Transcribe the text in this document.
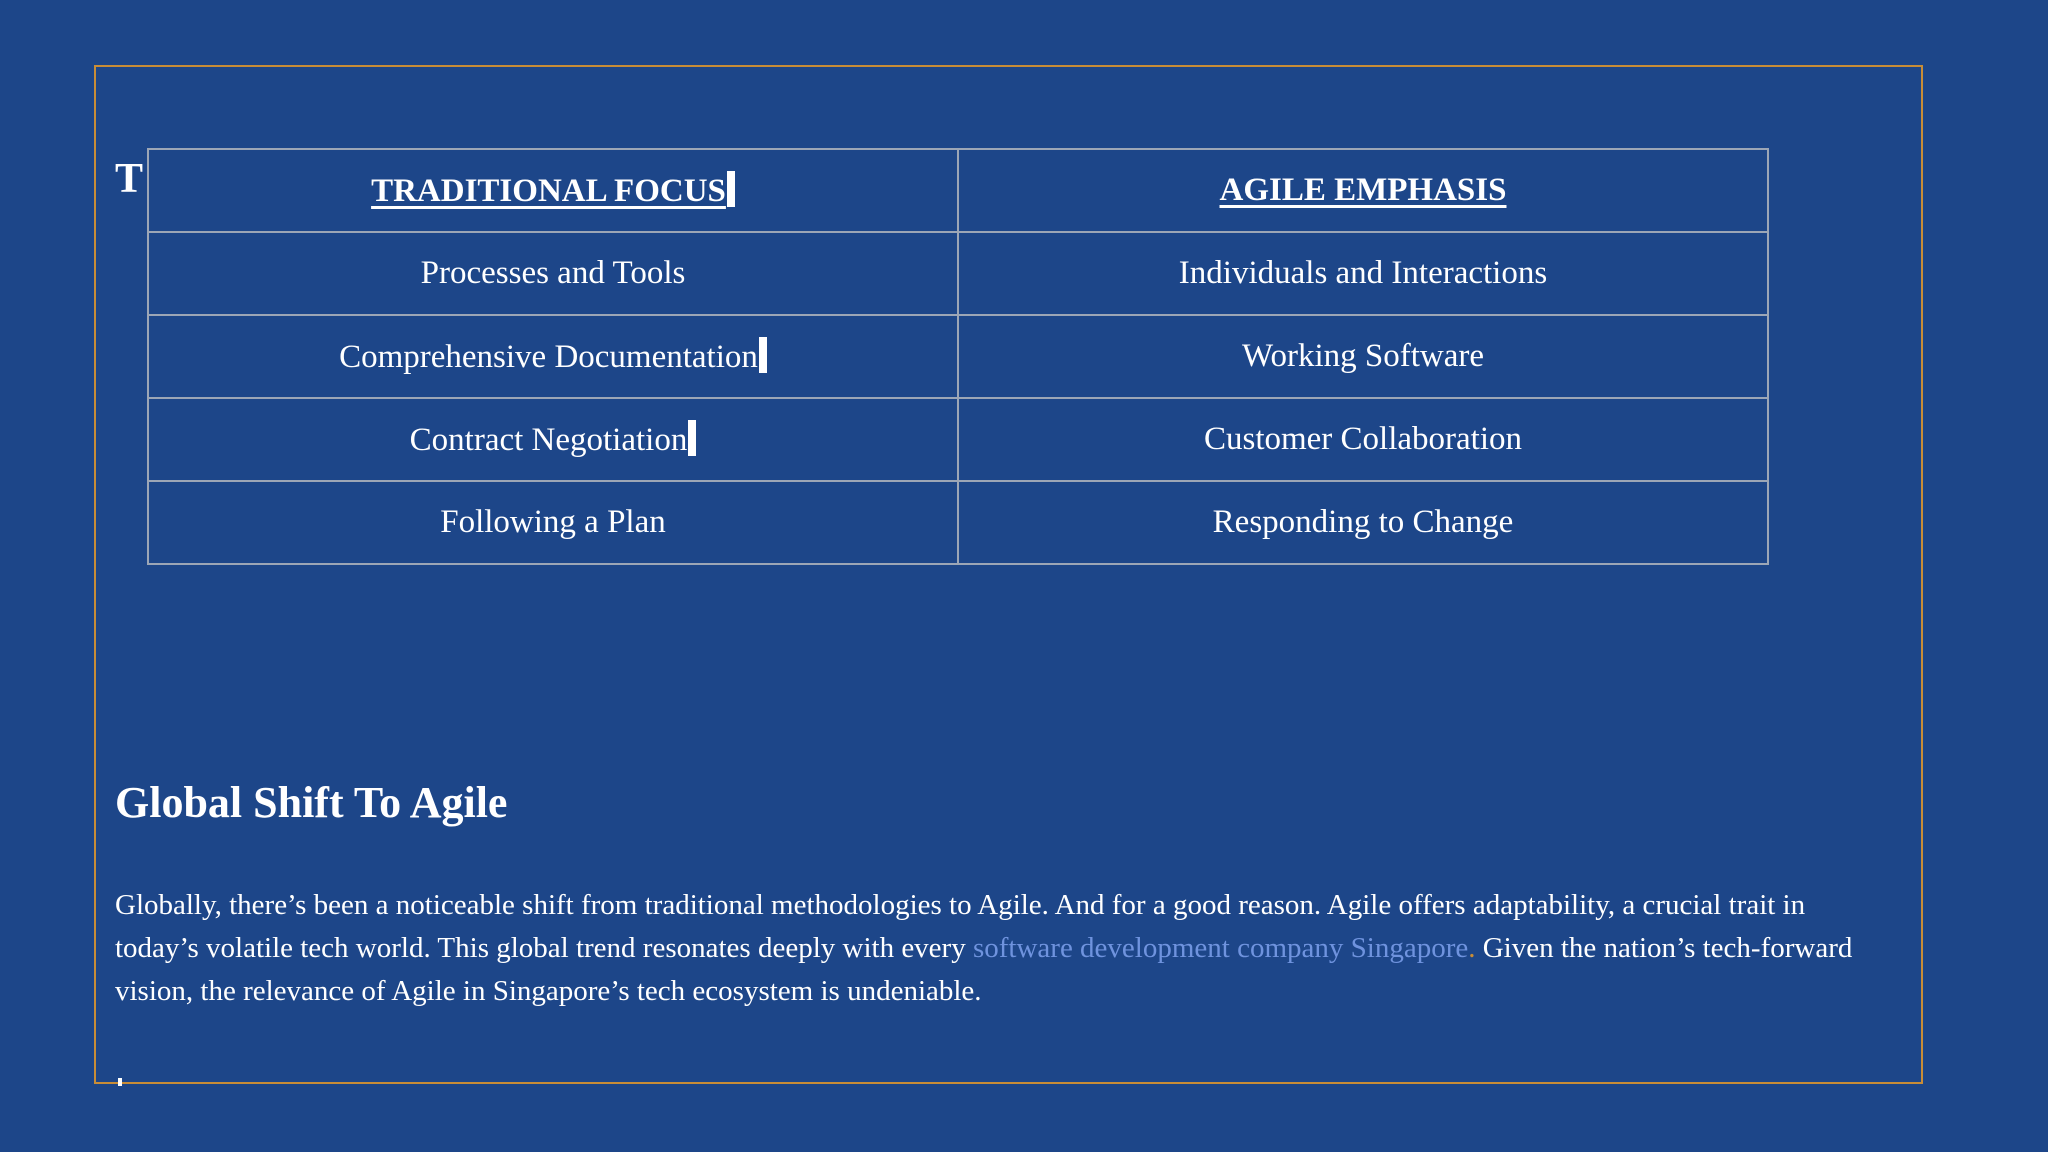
T	TRADITIONAL FOCUS	AGILE EMPHASIS
Processes and Tools	Individuals and Interactions
Comprehensive Documentation	Working Software
Contract Negotiation	Customer Collaboration
Following a Plan	Responding to Change
Global Shift To Agile

Globally, there’s been a noticeable shift from traditional methodologies to Agile. And for a good reason. Agile offers adaptability, a crucial trait in today’s volatile tech world. This global trend resonates deeply with every software development company Singapore. Given the nation’s tech-forward vision, the relevance of Agile in Singapore’s tech ecosystem is undeniable.
